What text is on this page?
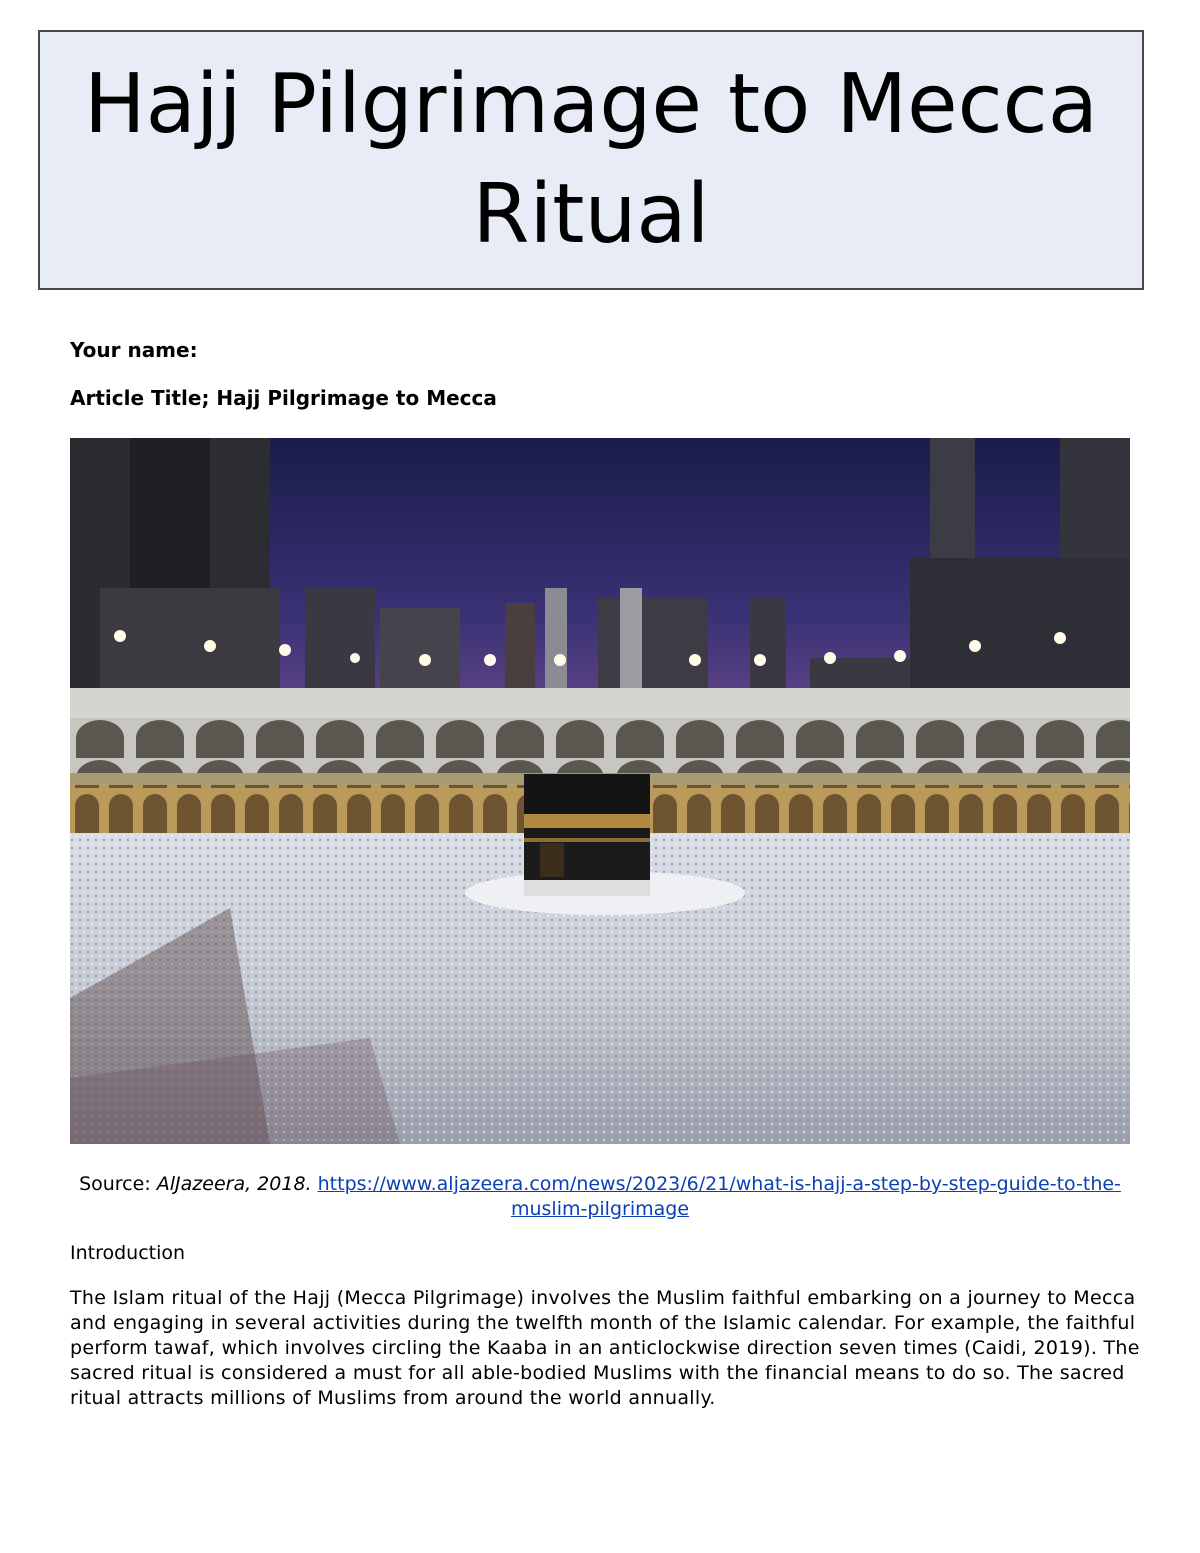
Hajj Pilgrimage to Mecca Ritual
Your name:
Article Title; Hajj Pilgrimage to Mecca
Source: AlJazeera, 2018. https://www.aljazeera.com/news/2023/6/21/what-is-hajj-a-step-by-step-guide-to-the-muslim-pilgrimage
Introduction

The Islam ritual of the Hajj (Mecca Pilgrimage) involves the Muslim faithful embarking on a journey to Mecca and engaging in several activities during the twelfth month of the Islamic calendar. For example, the faithful perform tawaf, which involves circling the Kaaba in an anticlockwise direction seven times (Caidi, 2019). The sacred ritual is considered a must for all able-bodied Muslims with the financial means to do so. The sacred ritual attracts millions of Muslims from around the world annually.
